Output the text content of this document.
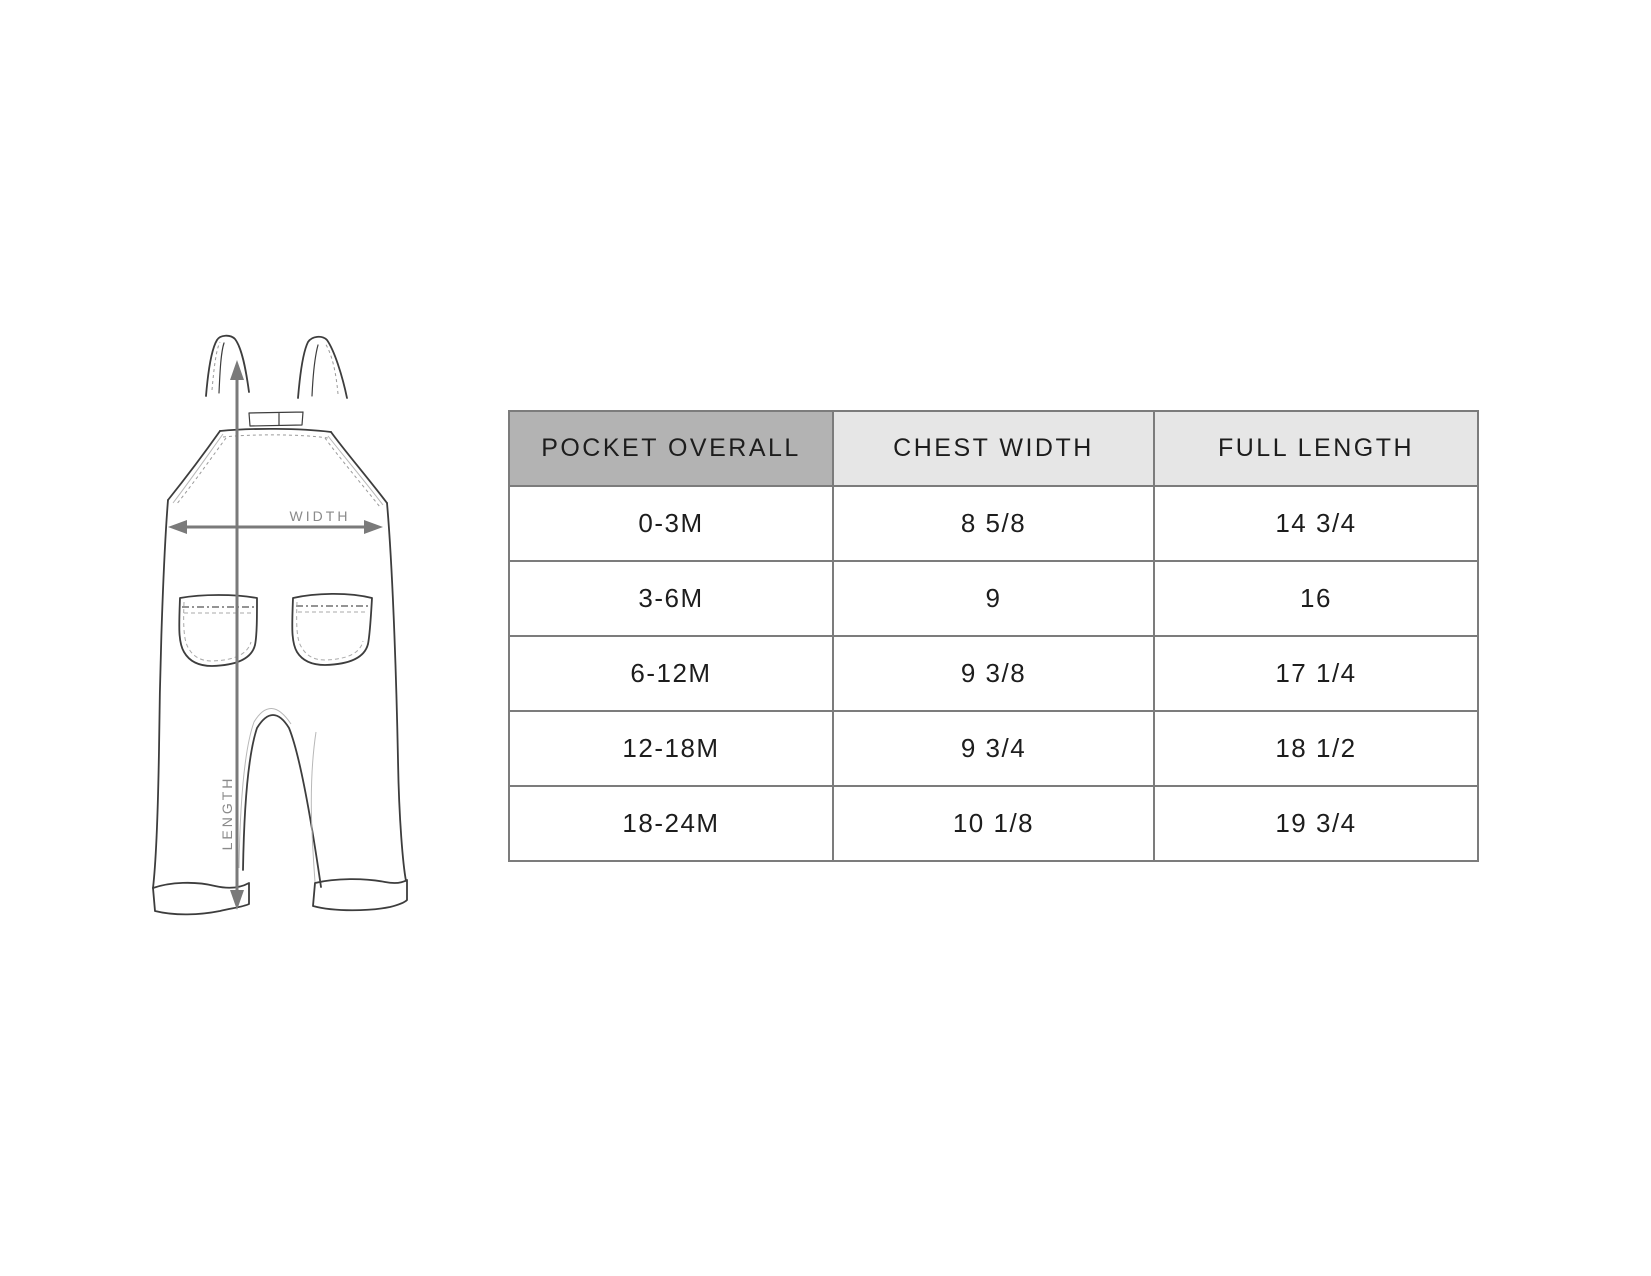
LENGTH
WIDTH
POCKET OVERALL	CHEST WIDTH	FULL LENGTH
0-3M	8 5/8	14 3/4
3-6M	9	16
6-12M	9 3/8	17 1/4
12-18M	9 3/4	18 1/2
18-24M	10 1/8	19 3/4
